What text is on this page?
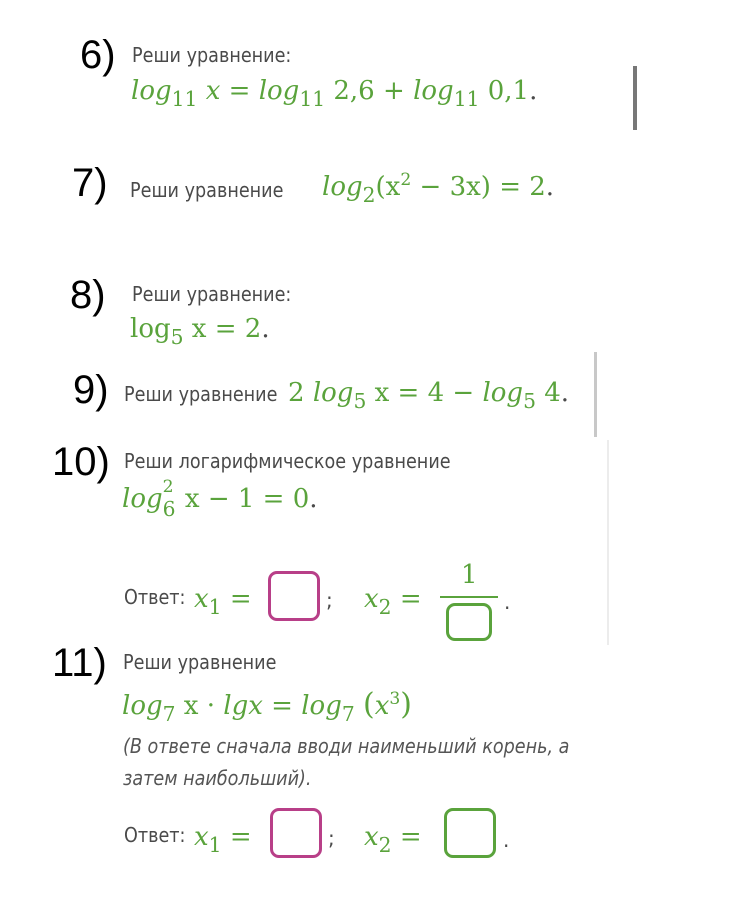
6) Реши уравнение:
$\log_{11} x = \log_{11} 2,6 + \log_{11} 0,1$.
7) Реши уравнение $\log_2(x^2 - 3x) = 2$.
8) Реши уравнение:
$\log_5 x = 2$.
9) Реши уравнение 2 $\log_5 x = 4 - \log_5 4$.
10) Реши логарифмическое уравнение
log 2
6 x − 1 = 0.
Ответ: $x_1$ =	; $x_2$ =
1
.
11) Реши уравнение
$\log_7 x \cdot \lg x = \log_7 (x^3)$
(В ответе сначала вводи наименьший корень, а
затем наибольший).
Ответ: $x_1$ =	; $x_2$ =	.
